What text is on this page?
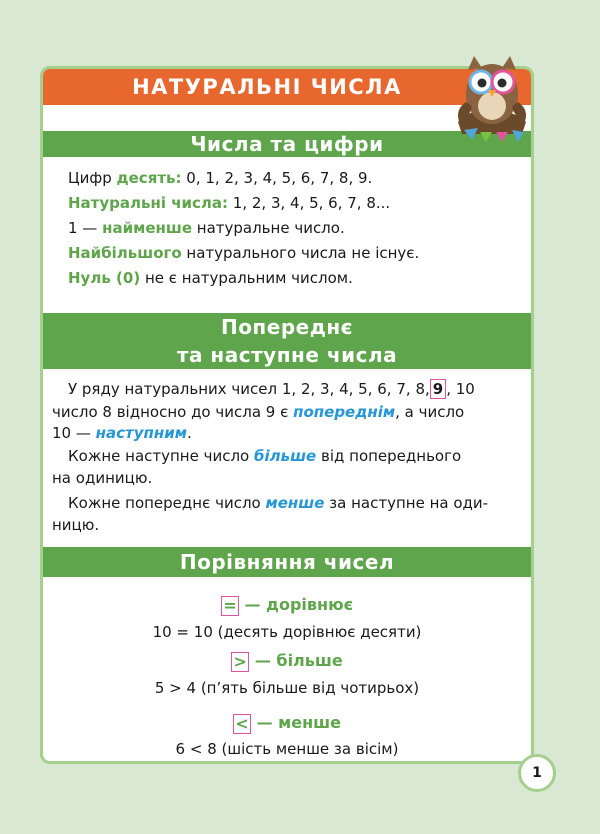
НАТУРАЛЬНІ ЧИСЛА
Числа та цифри
Цифр десять: 0, 1, 2, 3, 4, 5, 6, 7, 8, 9.
Натуральні числа: 1, 2, 3, 4, 5, 6, 7, 8...
1 — найменше натуральне число.
Найбільшого натурального числа не існує.
Нуль (0) не є натуральним числом.
Попереднє
та наступне числа
У ряду натуральних чисел 1, 2, 3, 4, 5, 6, 7, 8, 9 , 10
число 8 відносно до числа 9 є попереднім, а число
10 — наступним.
Кожне наступне число більше від попереднього
на одиницю.
Кожне попереднє число менше за наступне на оди-
ницю.
Порівняння чисел
= — дорівнює
10 = 10 (десять дорівнює десяти)
> — більше
5 > 4 (п’ять більше від чотирьох)
< — менше
6 < 8 (шість менше за вісім)
1
